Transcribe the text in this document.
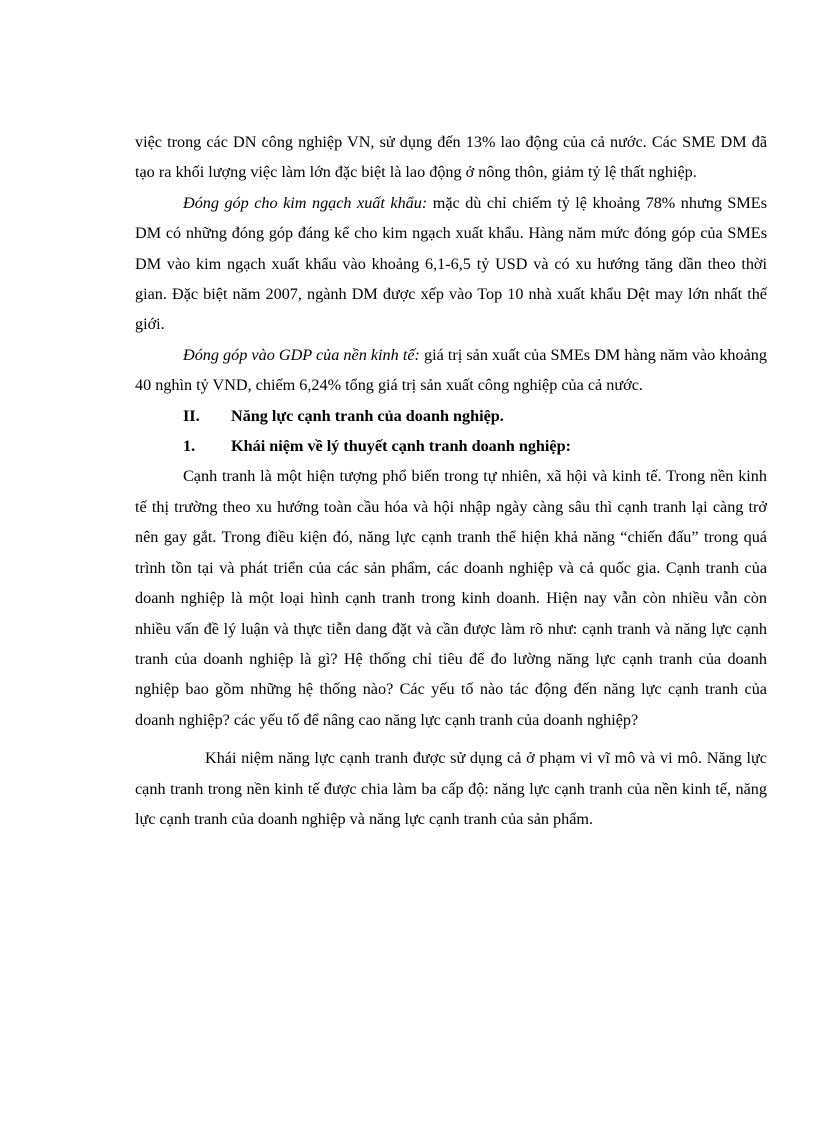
việc trong các DN công nghiệp VN, sử dụng đến 13% lao động của cả nước. Các SME DM đã tạo ra khối lượng việc làm lớn đặc biệt là lao động ở nông thôn, giảm tỷ lệ thất nghiệp.

Đóng góp cho kim ngạch xuất khẩu: mặc dù chỉ chiếm tỷ lệ khoảng 78% nhưng SMEs DM có những đóng góp đáng kể cho kim ngạch xuất khẩu. Hàng năm mức đóng góp của SMEs DM vào kim ngạch xuất khẩu vào khoảng 6,1-6,5 tỷ USD và có xu hướng tăng dần theo thời gian. Đặc biệt năm 2007, ngành DM được xếp vào Top 10 nhà xuất khẩu Dệt may lớn nhất thế giới.

Đóng góp vào GDP của nền kinh tế: giá trị sản xuất của SMEs DM hàng năm vào khoảng 40 nghìn tỷ VND, chiếm 6,24% tổng giá trị sản xuất công nghiệp của cả nước.

II.	Năng lực cạnh tranh của doanh nghiệp.
1.	Khái niệm về lý thuyết cạnh tranh doanh nghiệp:

Cạnh tranh là một hiện tượng phổ biến trong tự nhiên, xã hội và kinh tế. Trong nền kinh tế thị trường theo xu hướng toàn cầu hóa và hội nhập ngày càng sâu thì cạnh tranh lại càng trở nên gay gắt. Trong điều kiện đó, năng lực cạnh tranh thể hiện khả năng “chiến đấu” trong quá trình tồn tại và phát triển của các sản phẩm, các doanh nghiệp và cả quốc gia. Cạnh tranh của doanh nghiệp là một loại hình cạnh tranh trong kinh doanh. Hiện nay vẫn còn nhiều vẫn còn nhiều vấn đề lý luận và thực tiễn dang đặt và cần được làm rõ như: cạnh tranh và năng lực cạnh tranh của doanh nghiệp là gì? Hệ thống chỉ tiêu để đo lường năng lực cạnh tranh của doanh nghiệp bao gồm những hệ thống nào? Các yếu tố nào tác động đến năng lực cạnh tranh của doanh nghiệp? các yếu tố để nâng cao năng lực cạnh tranh của doanh nghiệp?

Khái niệm năng lực cạnh tranh được sử dụng cả ở phạm vi vĩ mô và vi mô. Năng lực cạnh tranh trong nền kinh tế được chia làm ba cấp độ: năng lực cạnh tranh của nền kinh tế, năng lực cạnh tranh của doanh nghiệp và năng lực cạnh tranh của sản phẩm.
